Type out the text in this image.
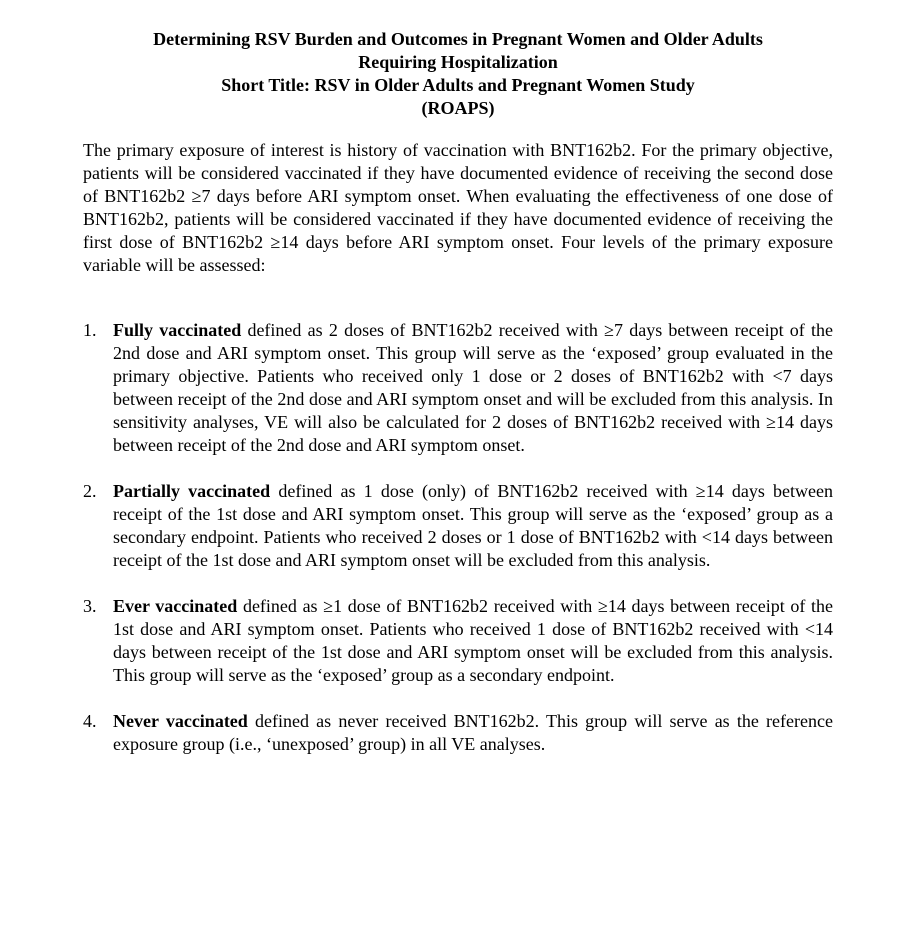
Determining RSV Burden and Outcomes in Pregnant Women and Older Adults
Requiring Hospitalization
Short Title: RSV in Older Adults and Pregnant Women Study
(ROAPS)

The primary exposure of interest is history of vaccination with BNT162b2. For the primary objective, patients will be considered vaccinated if they have documented evidence of receiving the second dose of BNT162b2 ≥7 days before ARI symptom onset. When evaluating the effectiveness of one dose of BNT162b2, patients will be considered vaccinated if they have documented evidence of receiving the first dose of BNT162b2 ≥14 days before ARI symptom onset. Four levels of the primary exposure variable will be assessed:

1. Fully vaccinated defined as 2 doses of BNT162b2 received with ≥7 days between receipt of the 2nd dose and ARI symptom onset. This group will serve as the ‘exposed’ group evaluated in the primary objective. Patients who received only 1 dose or 2 doses of BNT162b2 with <7 days between receipt of the 2nd dose and ARI symptom onset and will be excluded from this analysis. In sensitivity analyses, VE will also be calculated for 2 doses of BNT162b2 received with ≥14 days between receipt of the 2nd dose and ARI symptom onset.
2. Partially vaccinated defined as 1 dose (only) of BNT162b2 received with ≥14 days between receipt of the 1st dose and ARI symptom onset. This group will serve as the ‘exposed’ group as a secondary endpoint. Patients who received 2 doses or 1 dose of BNT162b2 with <14 days between receipt of the 1st dose and ARI symptom onset will be excluded from this analysis.
3. Ever vaccinated defined as ≥1 dose of BNT162b2 received with ≥14 days between receipt of the 1st dose and ARI symptom onset. Patients who received 1 dose of BNT162b2 received with <14 days between receipt of the 1st dose and ARI symptom onset will be excluded from this analysis. This group will serve as the ‘exposed’ group as a secondary endpoint.
4. Never vaccinated defined as never received BNT162b2. This group will serve as the reference exposure group (i.e., ‘unexposed’ group) in all VE analyses.
